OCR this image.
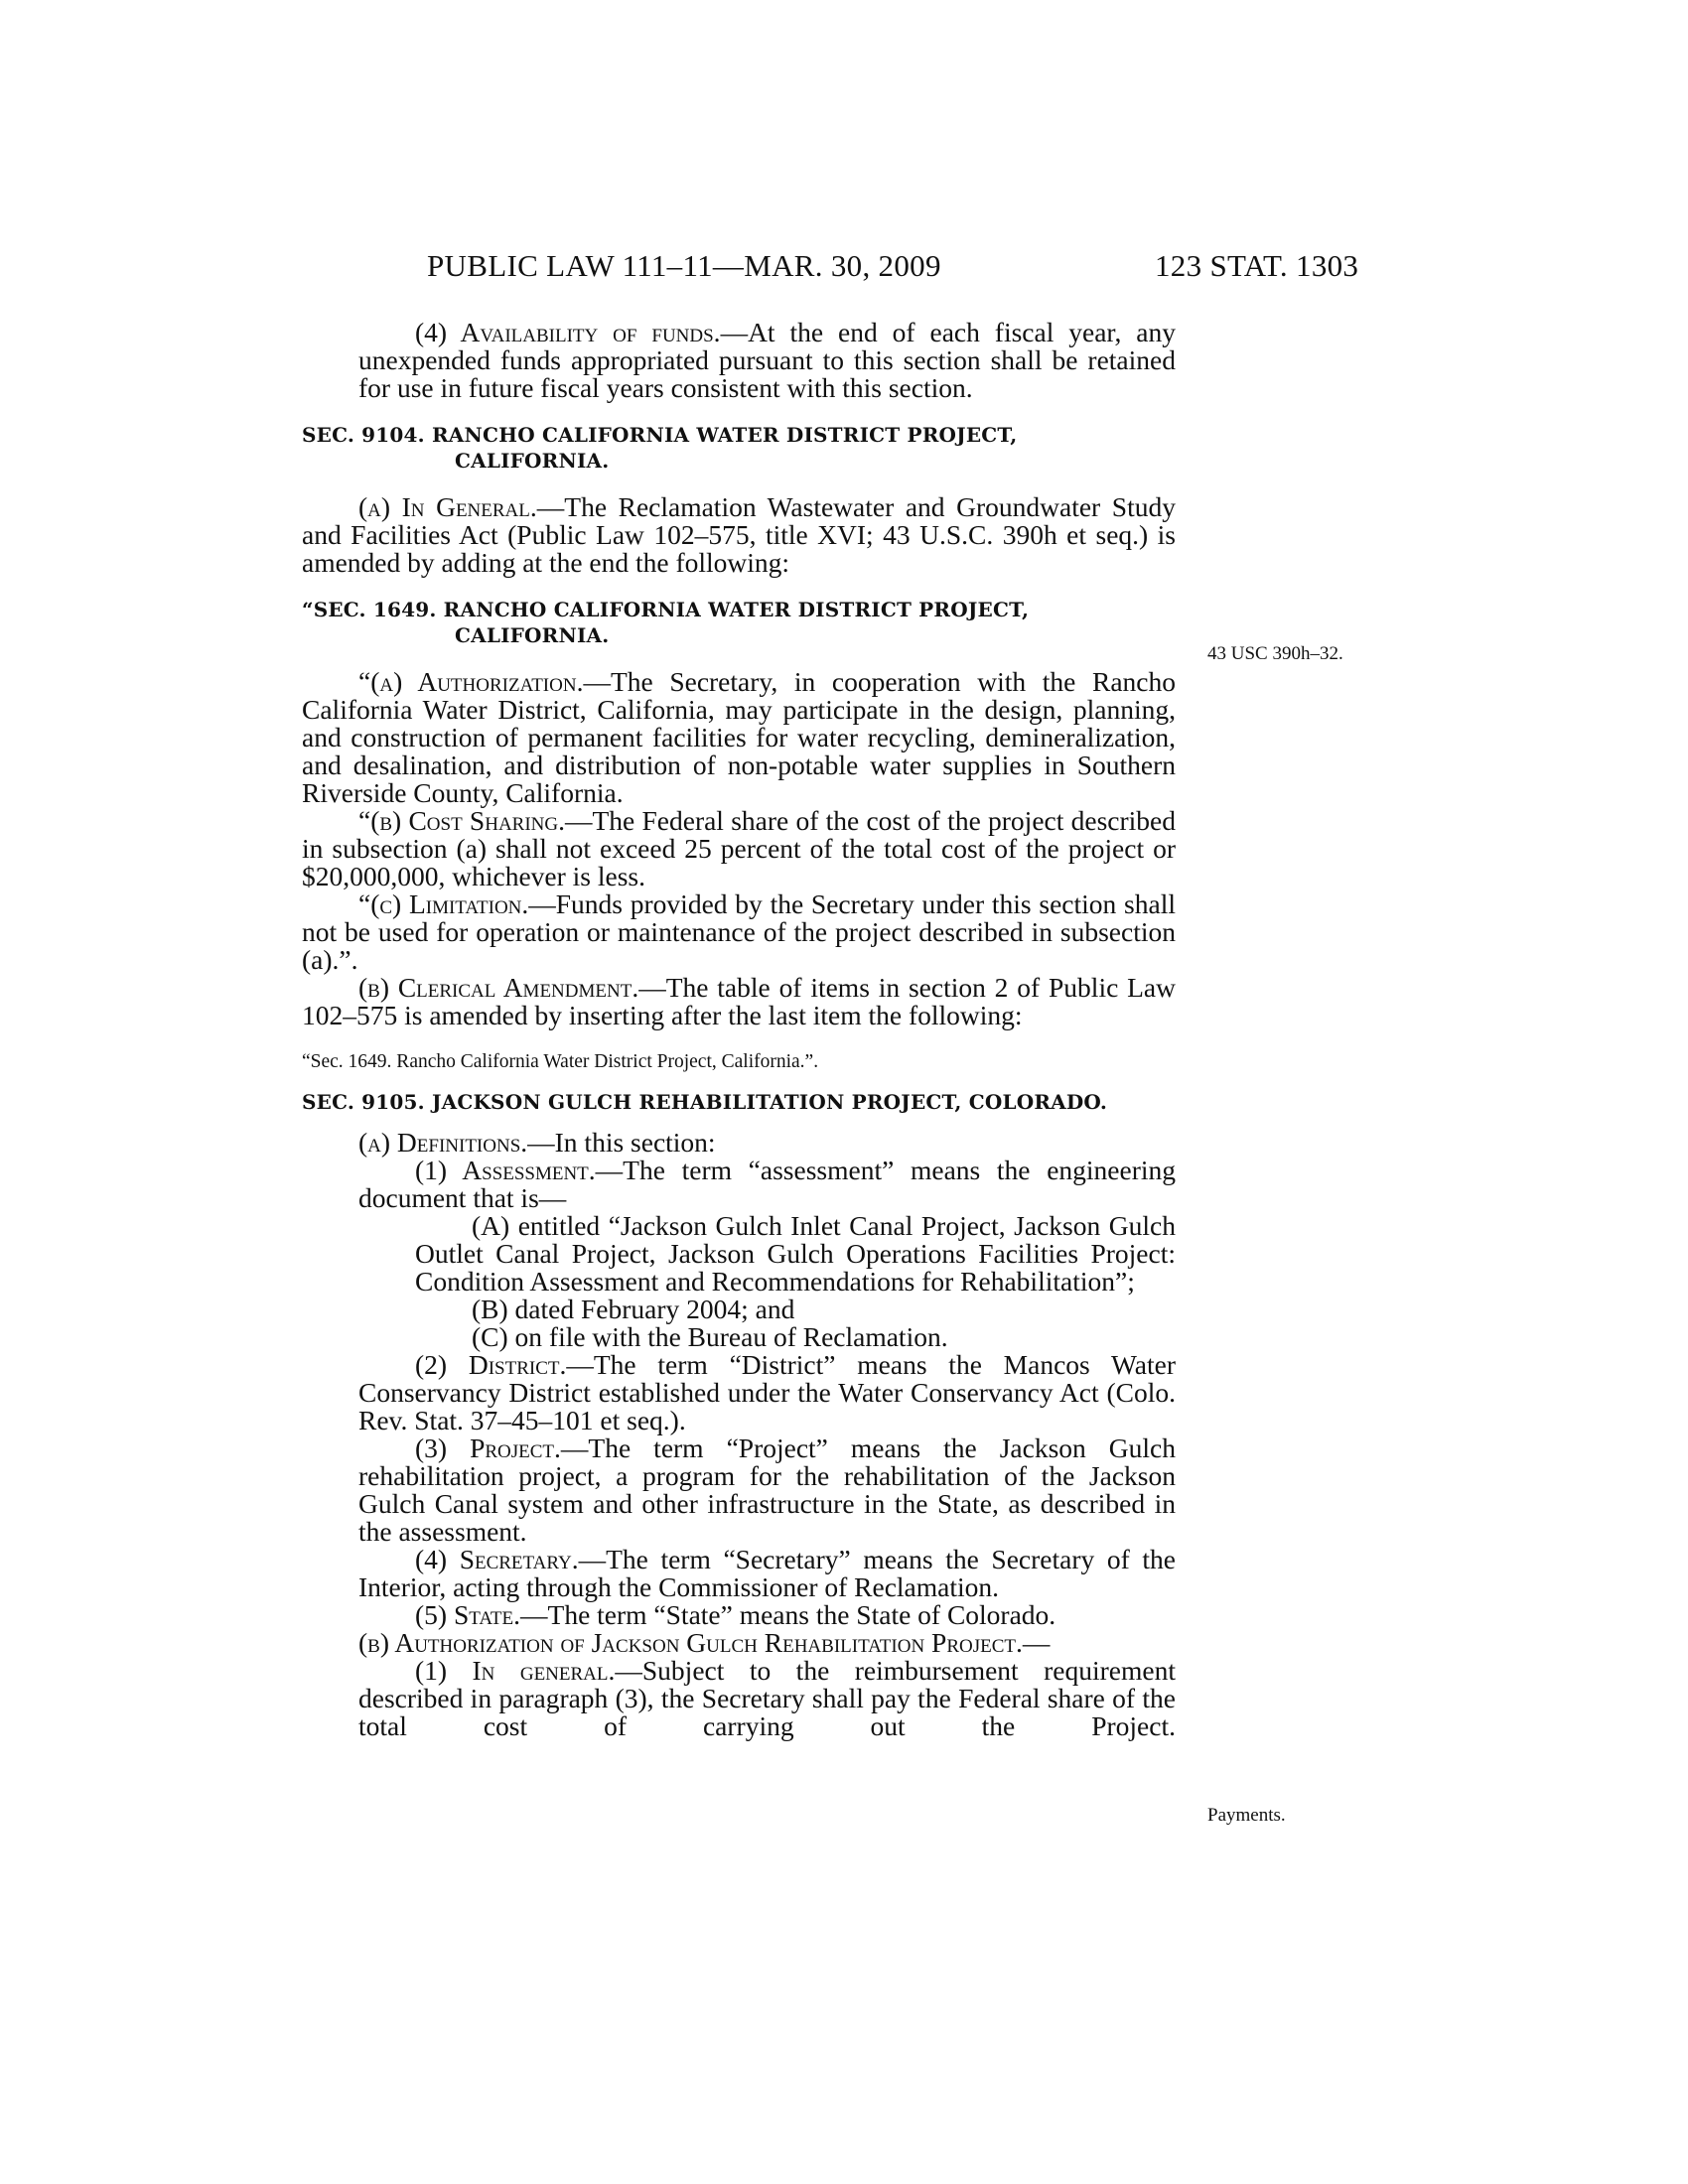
PUBLIC LAW 111–11—MAR. 30, 2009	123 STAT. 1303
43 USC 390h–32.
Payments.

(4) Availability of funds.—At the end of each fiscal year, any unexpended funds appropriated pursuant to this section shall be retained for use in future fiscal years consistent with this section.

SEC. 9104. RANCHO CALIFORNIA WATER DISTRICT PROJECT, CALIFORNIA.

(a) In General.—The Reclamation Wastewater and Groundwater Study and Facilities Act (Public Law 102–575, title XVI; 43 U.S.C. 390h et seq.) is amended by adding at the end the following:

“SEC. 1649. RANCHO CALIFORNIA WATER DISTRICT PROJECT, CALIFORNIA.

“(a) Authorization.—The Secretary, in cooperation with the Rancho California Water District, California, may participate in the design, planning, and construction of permanent facilities for water recycling, demineralization, and desalination, and distribution of non-potable water supplies in Southern Riverside County, California.

“(b) Cost Sharing.—The Federal share of the cost of the project described in subsection (a) shall not exceed 25 percent of the total cost of the project or $20,000,000, whichever is less.

“(c) Limitation.—Funds provided by the Secretary under this section shall not be used for operation or maintenance of the project described in subsection (a).”.

(b) Clerical Amendment.—The table of items in section 2 of Public Law 102–575 is amended by inserting after the last item the following:

“Sec. 1649. Rancho California Water District Project, California.”.

SEC. 9105. JACKSON GULCH REHABILITATION PROJECT, COLORADO.

(a) Definitions.—In this section:

(1) Assessment.—The term “assessment” means the engineering document that is—

(A) entitled “Jackson Gulch Inlet Canal Project, Jackson Gulch Outlet Canal Project, Jackson Gulch Operations Facilities Project: Condition Assessment and Recommendations for Rehabilitation”;

(B) dated February 2004; and

(C) on file with the Bureau of Reclamation.

(2) District.—The term “District” means the Mancos Water Conservancy District established under the Water Conservancy Act (Colo. Rev. Stat. 37–45–101 et seq.).

(3) Project.—The term “Project” means the Jackson Gulch rehabilitation project, a program for the rehabilitation of the Jackson Gulch Canal system and other infrastructure in the State, as described in the assessment.

(4) Secretary.—The term “Secretary” means the Secretary of the Interior, acting through the Commissioner of Reclamation.

(5) State.—The term “State” means the State of Colorado.

(b) Authorization of Jackson Gulch Rehabilitation Project.—

(1) In general.—Subject to the reimbursement requirement described in paragraph (3), the Secretary shall pay the Federal share of the total cost of carrying out the Project.
